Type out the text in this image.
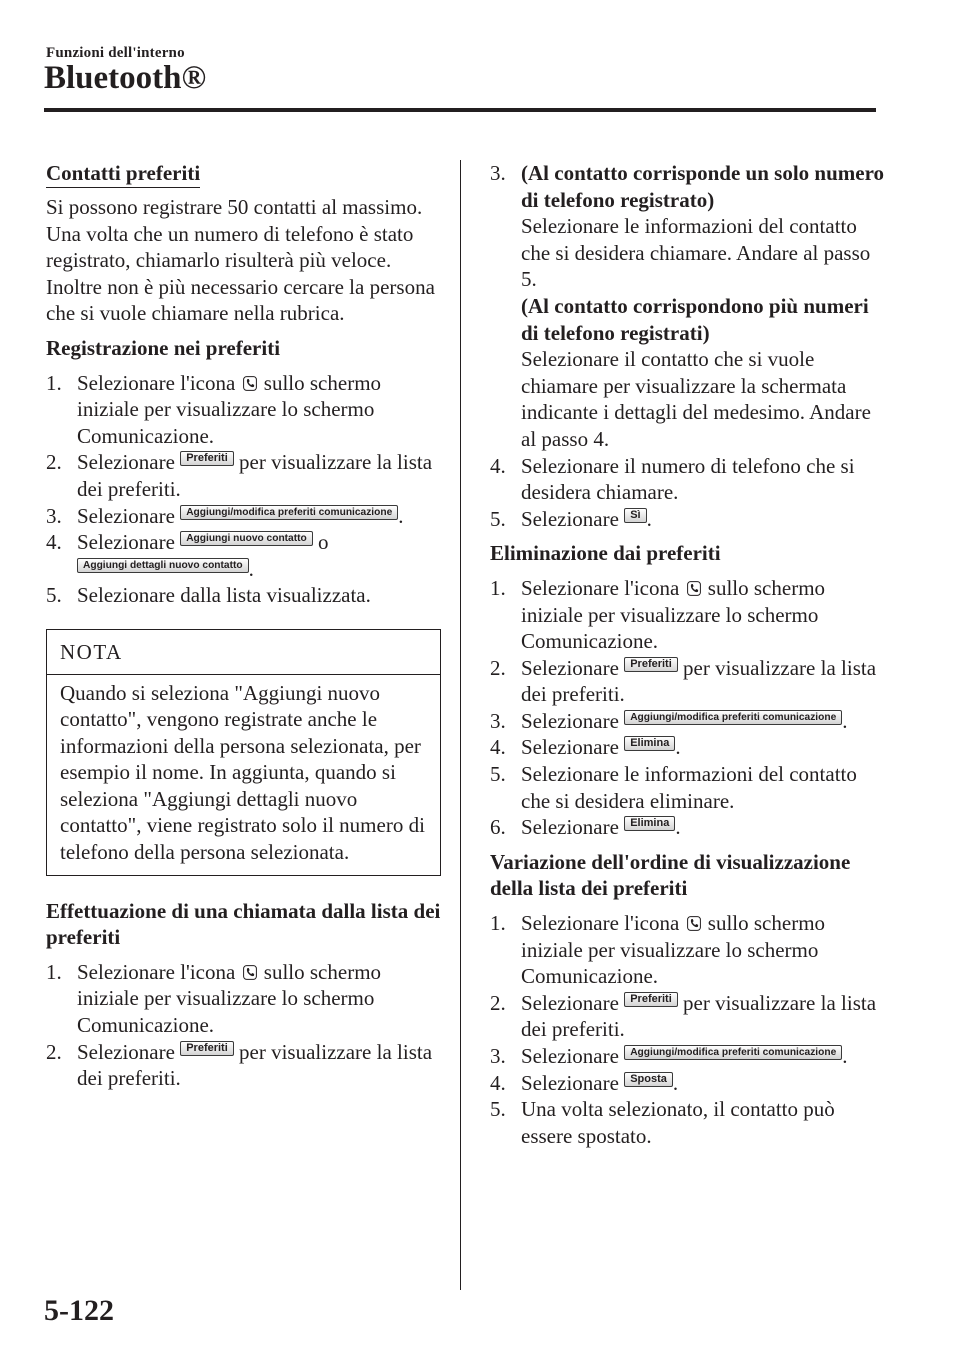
Funzioni dell'interno
Bluetooth®
Contatti preferiti
Si possono registrare 50 contatti al massimo. Una volta che un numero di telefono è stato registrato, chiamarlo risulterà più veloce. Inoltre non è più necessario cercare la persona che si vuole chiamare nella rubrica.
Registrazione nei preferiti
1. Selezionare l'icona  sullo schermo iniziale per visualizzare lo schermo Comunicazione.
2. Selezionare Preferiti per visualizzare la lista dei preferiti.
3. Selezionare Aggiungi/modifica preferiti comunicazione .
4. Selezionare Aggiungi nuovo contatto o Aggiungi dettagli nuovo contatto .
5. Selezionare dalla lista visualizzata.
NOTA
Quando si seleziona "Aggiungi nuovo contatto", vengono registrate anche le informazioni della persona selezionata, per esempio il nome. In aggiunta, quando si seleziona "Aggiungi dettagli nuovo contatto", viene registrato solo il numero di telefono della persona selezionata.
Effettuazione di una chiamata dalla lista dei preferiti
1. Selezionare l'icona  sullo schermo iniziale per visualizzare lo schermo Comunicazione.
2. Selezionare Preferiti per visualizzare la lista dei preferiti.
3. (Al contatto corrisponde un solo numero di telefono registrato)
Selezionare le informazioni del contatto che si desidera chiamare. Andare al passo 5.
(Al contatto corrispondono più numeri di telefono registrati)
Selezionare il contatto che si vuole chiamare per visualizzare la schermata indicante i dettagli del medesimo. Andare al passo 4.
4. Selezionare il numero di telefono che si desidera chiamare.
5. Selezionare Sì .
Eliminazione dai preferiti
1. Selezionare l'icona  sullo schermo iniziale per visualizzare lo schermo Comunicazione.
2. Selezionare Preferiti per visualizzare la lista dei preferiti.
3. Selezionare Aggiungi/modifica preferiti comunicazione .
4. Selezionare Elimina .
5. Selezionare le informazioni del contatto che si desidera eliminare.
6. Selezionare Elimina .
Variazione dell'ordine di visualizzazione della lista dei preferiti
1. Selezionare l'icona  sullo schermo iniziale per visualizzare lo schermo Comunicazione.
2. Selezionare Preferiti per visualizzare la lista dei preferiti.
3. Selezionare Aggiungi/modifica preferiti comunicazione .
4. Selezionare Sposta .
5. Una volta selezionato, il contatto può essere spostato.
5-122
